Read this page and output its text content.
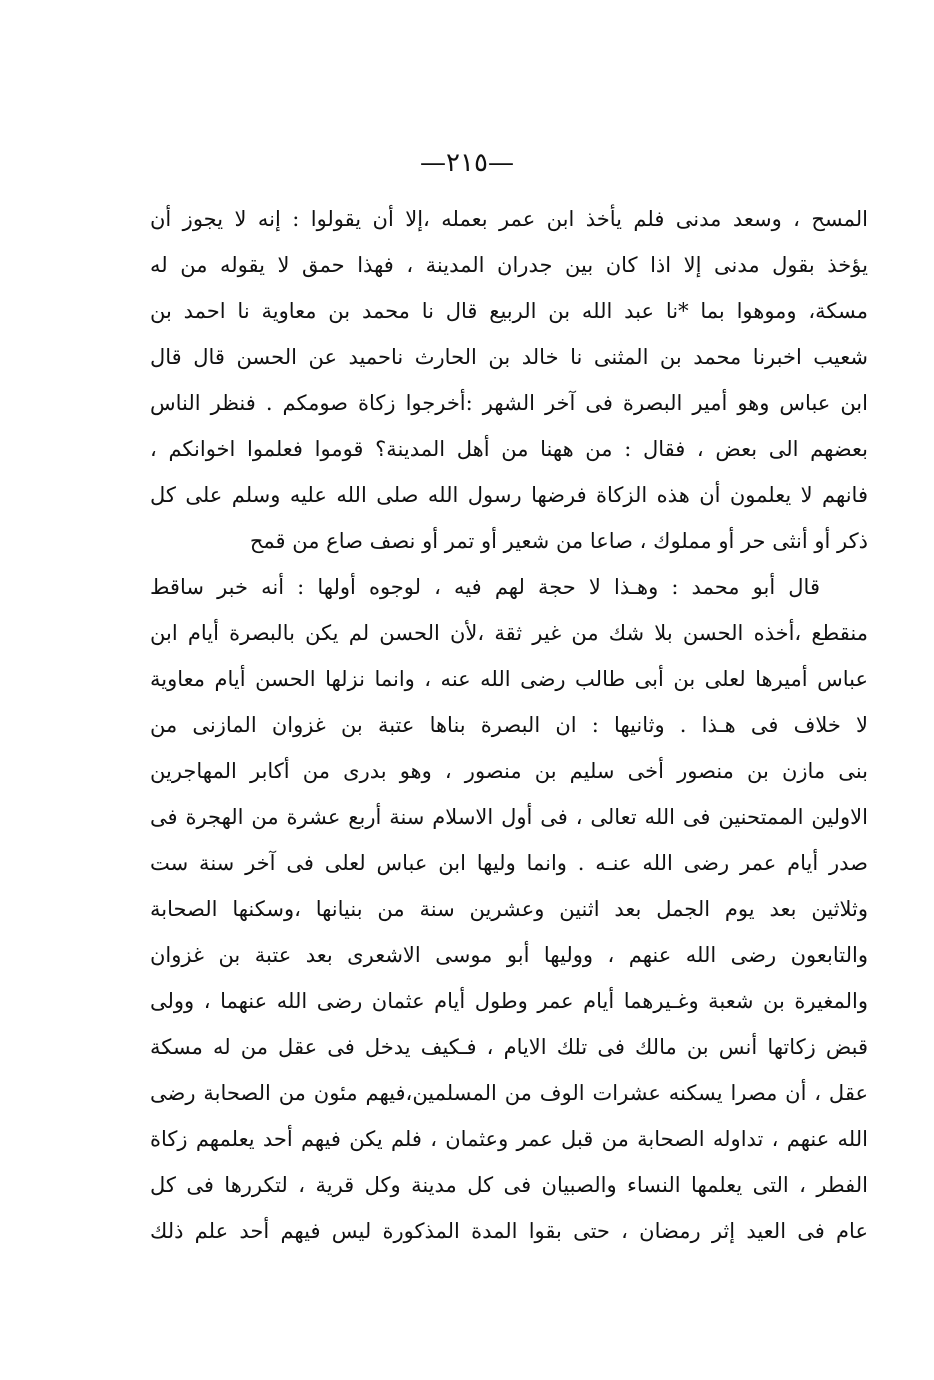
—٢١٥—
المسح ، وسعد مدنى فلم يأخذ ابن عمر بعمله ،إلا أن يقولوا : إنه لا يجوز أن
يؤخذ بقول مدنى إلا اذا كان بين جدران المدينة ، فهذا حمق لا يقوله من له
مسكة، وموهوا بما *نا عبد الله بن الربيع قال نا محمد بن معاوية نا احمد بن
شعيب اخبرنا محمد بن المثنى نا خالد بن الحارث ناحميد عن الحسن قال قال
ابن عباس وهو أمير البصرة فى آخر الشهر :أخرجوا زكاة صومكم . فنظر الناس
بعضهم الى بعض ، فقال : من ههنا من أهل المدينة؟ قوموا فعلموا اخوانكم ،
فانهم لا يعلمون أن هذه الزكاة فرضها رسول الله صلى الله عليه وسلم على كل
ذكر أو أنثى حر أو مملوك ، صاعا من شعير أو تمر أو نصف صاع من قمح
قال أبو محمد : وهـذا لا حجة لهم فيه ، لوجوه أولها : أنه خبر ساقط
منقطع ،أخذه الحسن بلا شك من غير ثقة ،لأن الحسن لم يكن بالبصرة أيام ابن
عباس أميرها لعلى بن أبى طالب رضى الله عنه ، وانما نزلها الحسن أيام معاوية
لا خلاف فى هـذا . وثانيها : ان البصرة بناها عتبة بن غزوان المازنى من
بنى مازن بن منصور أخى سليم بن منصور ، وهو بدرى من أكابر المهاجرين
الاولين الممتحنين فى الله تعالى ، فى أول الاسلام سنة أربع عشرة من الهجرة فى
صدر أيام عمر رضى الله عنـه . وانما وليها ابن عباس لعلى فى آخر سنة ست
وثلاثين بعد يوم الجمل بعد اثنين وعشرين سنة من بنيانها ،وسكنها الصحابة
والتابعون رضى الله عنهم ، ووليها أبو موسى الاشعرى بعد عتبة بن غزوان
والمغيرة بن شعبة وغـيرهما أيام عمر وطول أيام عثمان رضى الله عنهما ، وولى
قبض زكاتها أنس بن مالك فى تلك الايام ، فـكيف يدخل فى عقل من له مسكة
عقل ، أن مصرا يسكنه عشرات الوف من المسلمين،فيهم مئون من الصحابة رضى
الله عنهم ، تداوله الصحابة من قبل عمر وعثمان ، فلم يكن فيهم أحد يعلمهم زكاة
الفطر ، التى يعلمها النساء والصبيان فى كل مدينة وكل قرية ، لتكررها فى كل
عام فى العيد إثر رمضان ، حتى بقوا المدة المذكورة ليس فيهم أحد علم ذلك
